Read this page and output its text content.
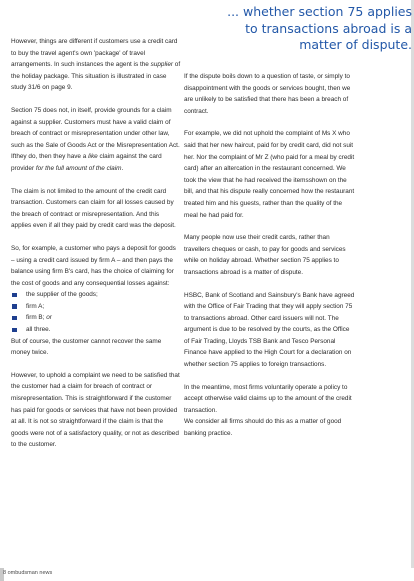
... whether section 75 applies
to transactions abroad is a
matter of dispute.

However, things are different if customers use a credit card to buy the travel agent's own 'package' of travel arrangements. In such instances the agent is the supplier of the holiday package. This situation is illustrated in case study 31/6 on page 9.

Section 75 does not, in itself, provide grounds for a claim against a supplier. Customers must have a valid claim of breach of contract or misrepresentation under other law, such as the Sale of Goods Act or the Misrepresentation Act. Ifthey do, then they have a like claim against the card provider for the full amount of the claim.

The claim is not limited to the amount of the credit card transaction. Customers can claim for all losses caused by the breach of contract or misrepresentation. And this applies even if all they paid by credit card was the deposit.

So, for example, a customer who pays a deposit for goods – using a credit card issued by firm A – and then pays the balance using firm B's card, has the choice of claiming for the cost of goods and any consequential losses against:

the supplier of the goods;
firm A;
firm B; or
all three.

But of course, the customer cannot recover the same money twice.

However, to uphold a complaint we need to be satisfied that the customer had a claim for breach of contract or misrepresentation. This is straightforward if the customer has paid for goods or services that have not been provided at all. It is not so straightforward if the claim is that the goods were not of a satisfactory quality, or not as described to the customer.

If the dispute boils down to a question of taste, or simply to disappointment with the goods or services bought, then we are unlikely to be satisfied that there has been a breach of contract.

For example, we did not uphold the complaint of Ms X who said that her new haircut, paid for by credit card, did not suit her. Nor the complaint of Mr Z (who paid for a meal by credit card) after an altercation in the restaurant concerned. We took the view that he had received the itemsshown on the bill, and that his dispute really concerned how the restaurant treated him and his guests, rather than the quality of the meal he had paid for.

Many people now use their credit cards, rather than travellers cheques or cash, to pay for goods and services while on holiday abroad. Whether section 75 applies to transactions abroad is a matter of dispute.

HSBC, Bank of Scotland and Sainsbury's Bank have agreed with the Office of Fair Trading that they will apply section 75 to transactions abroad. Other card issuers will not. The argument is due to be resolved by the courts, as the Office of Fair Trading, Lloyds TSB Bank and Tesco Personal Finance have applied to the High Court for a declaration on whether section 75 applies to foreign transactions.

In the meantime, most firms voluntarily operate a policy to accept otherwise valid claims up to the amount of the credit transaction.

We consider all firms should do this as a matter of good banking practice.

8 ombudsman news
